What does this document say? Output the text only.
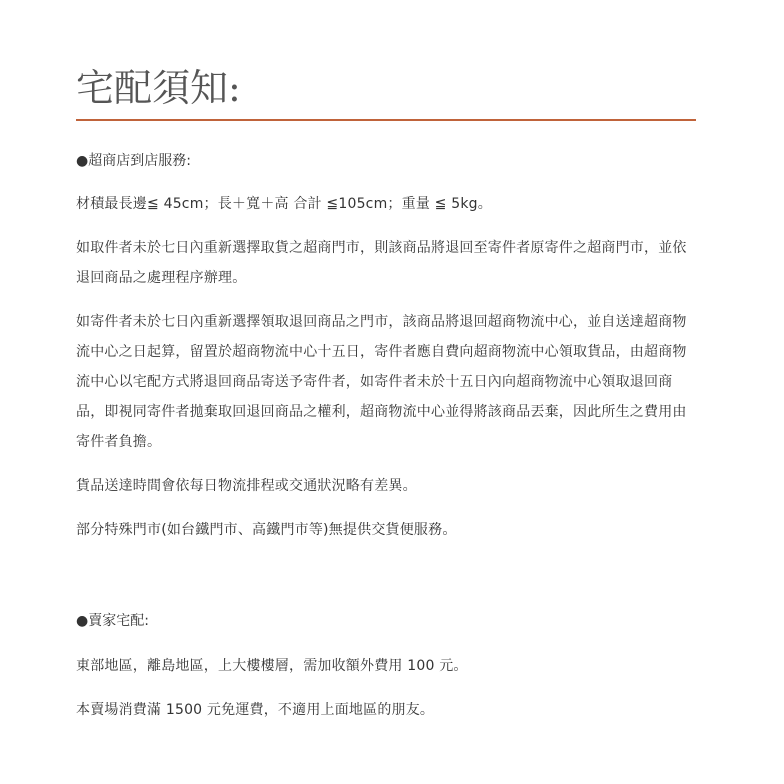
宅配須知:

●超商店到店服務:

材積最長邊≦ 45cm；長＋寬＋高 合計 ≦105cm；重量 ≦ 5kg。

如取件者未於七日內重新選擇取貨之超商門市，則該商品將退回至寄件者原寄件之超商門市，並依退回商品之處理程序辦理。

如寄件者未於七日內重新選擇領取退回商品之門市，該商品將退回超商物流中心，並自送達超商物流中心之日起算，留置於超商物流中心十五日，寄件者應自費向超商物流中心領取貨品，由超商物流中心以宅配方式將退回商品寄送予寄件者，如寄件者未於十五日內向超商物流中心領取退回商品，即視同寄件者拋棄取回退回商品之權利，超商物流中心並得將該商品丟棄，因此所生之費用由寄件者負擔。

貨品送達時間會依每日物流排程或交通狀況略有差異。

部分特殊門市(如台鐵門市、高鐵門市等)無提供交貨便服務。

●賣家宅配:

東部地區，離島地區，上大樓樓層，需加收額外費用 100 元。

本賣場消費滿 1500 元免運費，不適用上面地區的朋友。
